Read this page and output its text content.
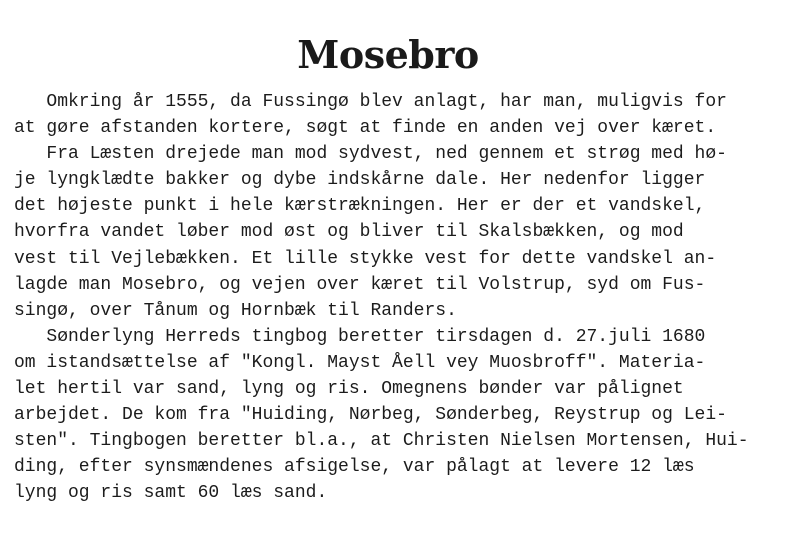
Mosebro
Omkring år 1555, da Fussingø blev anlagt, har man, muligvis for
at gøre afstanden kortere, søgt at finde en anden vej over kæret.
Fra Læsten drejede man mod sydvest, ned gennem et strøg med hø-
je lyngklædte bakker og dybe indskårne dale. Her nedenfor ligger
det højeste punkt i hele kærstrækningen. Her er der et vandskel,
hvorfra vandet løber mod øst og bliver til Skalsbækken, og mod
vest til Vejlebækken. Et lille stykke vest for dette vandskel an-
lagde man Mosebro, og vejen over kæret til Volstrup, syd om Fus-
singø, over Tånum og Hornbæk til Randers.
Sønderlyng Herreds tingbog beretter tirsdagen d. 27.juli 1680
om istandsættelse af "Kongl. Mayst Åell vey Muosbroff". Materia-
let hertil var sand, lyng og ris. Omegnens bønder var pålignet
arbejdet. De kom fra "Huiding, Nørbeg, Sønderbeg, Reystrup og Lei-
sten". Tingbogen beretter bl.a., at Christen Nielsen Mortensen, Hui-
ding, efter synsmændenes afsigelse, var pålagt at levere 12 læs
lyng og ris samt 60 læs sand.
